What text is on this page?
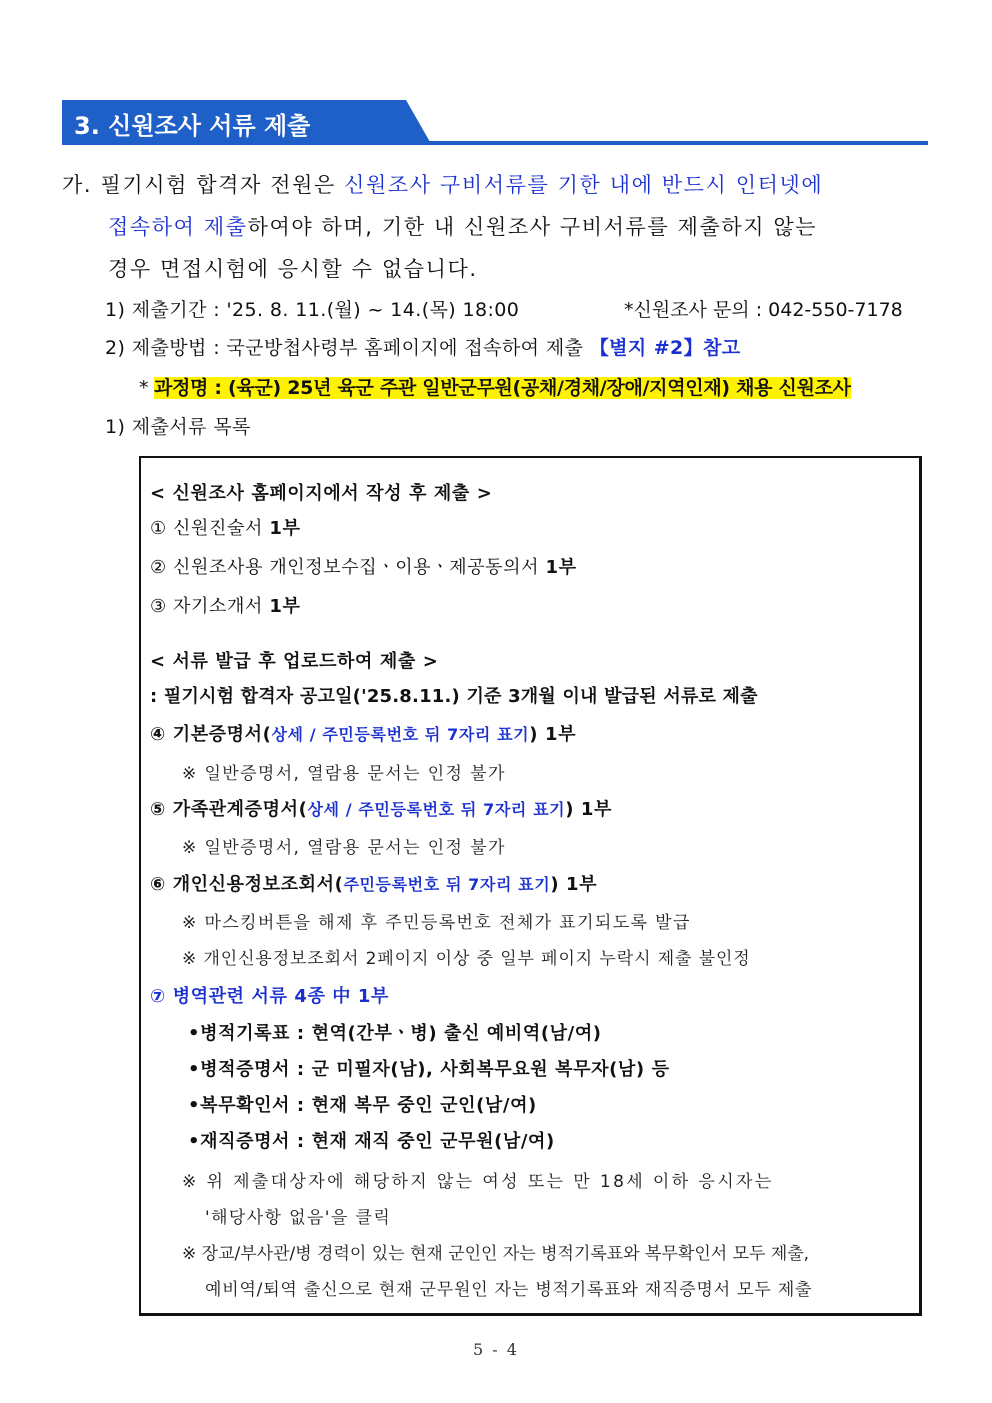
3. 신원조사 서류 제출
가. 필기시험 합격자 전원은 신원조사 구비서류를 기한 내에 반드시 인터넷에
접속하여 제출하여야 하며, 기한 내 신원조사 구비서류를 제출하지 않는
경우 면접시험에 응시할 수 없습니다.
1) 제출기간 : '25. 8. 11.(월) ~ 14.(목) 18:00	*신원조사 문의 : 042-550-7178
2) 제출방법 : 국군방첩사령부 홈페이지에 접속하여 제출 【별지 #2】참고
* 과정명 : (육군) 25년 육군 주관 일반군무원(공채/경채/장애/지역인재) 채용 신원조사
1) 제출서류 목록
< 신원조사 홈페이지에서 작성 후 제출 >
① 신원진술서 1부
② 신원조사용 개인정보수집ㆍ이용ㆍ제공동의서 1부
③ 자기소개서 1부
< 서류 발급 후 업로드하여 제출 >
: 필기시험 합격자 공고일('25.8.11.) 기준 3개월 이내 발급된 서류로 제출
④ 기본증명서(상세 / 주민등록번호 뒤 7자리 표기) 1부
※ 일반증명서, 열람용 문서는 인정 불가
⑤ 가족관계증명서(상세 / 주민등록번호 뒤 7자리 표기) 1부
※ 일반증명서, 열람용 문서는 인정 불가
⑥ 개인신용정보조회서(주민등록번호 뒤 7자리 표기) 1부
※ 마스킹버튼을 해제 후 주민등록번호 전체가 표기되도록 발급
※ 개인신용정보조회서 2페이지 이상 중 일부 페이지 누락시 제출 불인정
⑦ 병역관련 서류 4종 中 1부
•병적기록표 : 현역(간부ㆍ병) 출신 예비역(남/여)
•병적증명서 : 군 미필자(남), 사회복무요원 복무자(남) 등
•복무확인서 : 현재 복무 중인 군인(남/여)
•재직증명서 : 현재 재직 중인 군무원(남/여)
※ 위 제출대상자에 해당하지 않는 여성 또는 만 18세 이하 응시자는
'해당사항 없음'을 클릭
※ 장교/부사관/병 경력이 있는 현재 군인인 자는 병적기록표와 복무확인서 모두 제출,
예비역/퇴역 출신으로 현재 군무원인 자는 병적기록표와 재직증명서 모두 제출
5 - 4
